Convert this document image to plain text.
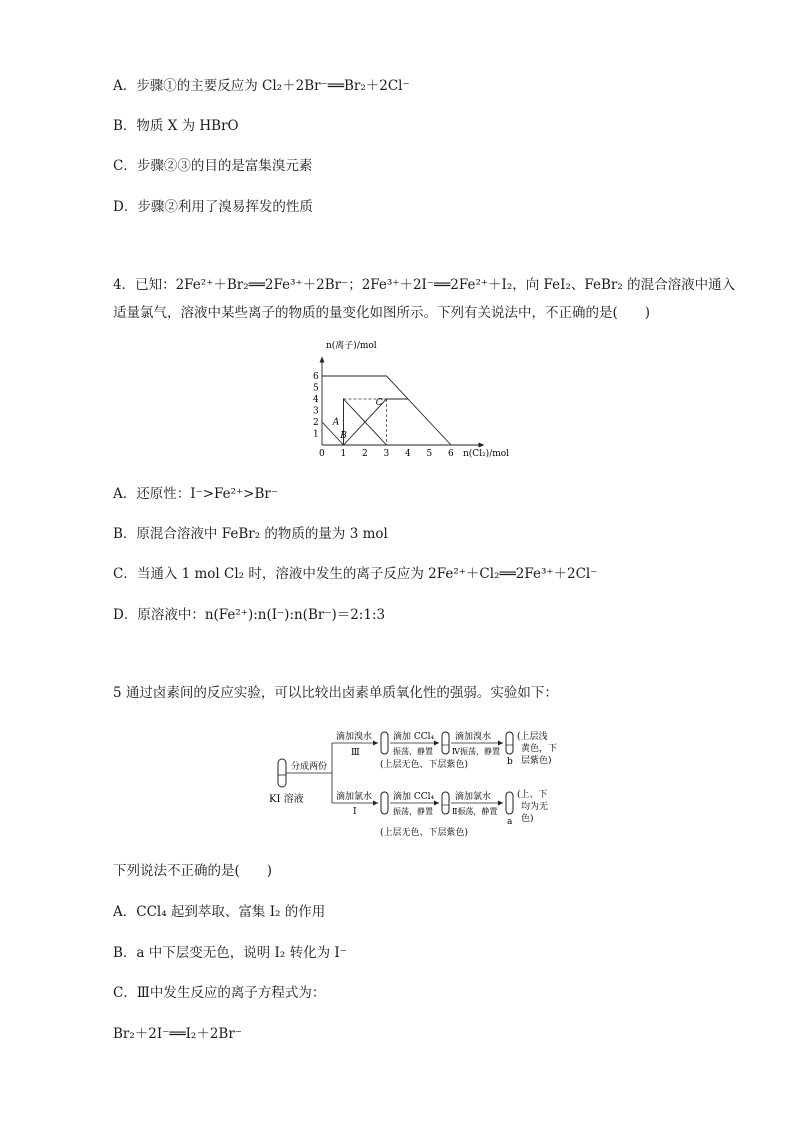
A．步骤①的主要反应为 Cl₂＋2Br⁻══Br₂＋2Cl⁻
B．物质 X 为 HBrO
C．步骤②③的目的是富集溴元素
D．步骤②利用了溴易挥发的性质
4．已知：2Fe²⁺＋Br₂══2Fe³⁺＋2Br⁻；2Fe³⁺＋2I⁻══2Fe²⁺＋I₂，向 FeI₂、FeBr₂ 的混合溶液中通入
适量氯气，溶液中某些离子的物质的量变化如图所示。下列有关说法中，不正确的是(　　)
0 1 2 3 4 5 6
1
2
3
4
5
6
n(离子)/mol
n(Cl₂)/mol
A
B
C
A．还原性：I⁻>Fe²⁺>Br⁻
B．原混合溶液中 FeBr₂ 的物质的量为 3 mol
C．当通入 1 mol Cl₂ 时，溶液中发生的离子反应为 2Fe²⁺＋Cl₂══2Fe³⁺＋2Cl⁻
D．原溶液中：n(Fe²⁺):n(I⁻):n(Br⁻)＝2:1:3
5 通过卤素间的反应实验，可以比较出卤素单质氧化性的强弱。实验如下：
KI 溶液
分成两份
滴加溴水
Ⅲ
滴加 CCl₄
振荡，静置
滴加溴水
Ⅳ振荡，静置
b
(上层浅
黄色，下
层紫色)
(上层无色、下层紫色)
滴加氯水
Ⅰ
滴加 CCl₄
振荡，静置
滴加氯水
Ⅱ振荡，静置
a
(上、下
均为无
色)
(上层无色、下层紫色)
下列说法不正确的是(　　)
A．CCl₄ 起到萃取、富集 I₂ 的作用
B．a 中下层变无色，说明 I₂ 转化为 I⁻
C．Ⅲ中发生反应的离子方程式为：
Br₂＋2I⁻══I₂＋2Br⁻
